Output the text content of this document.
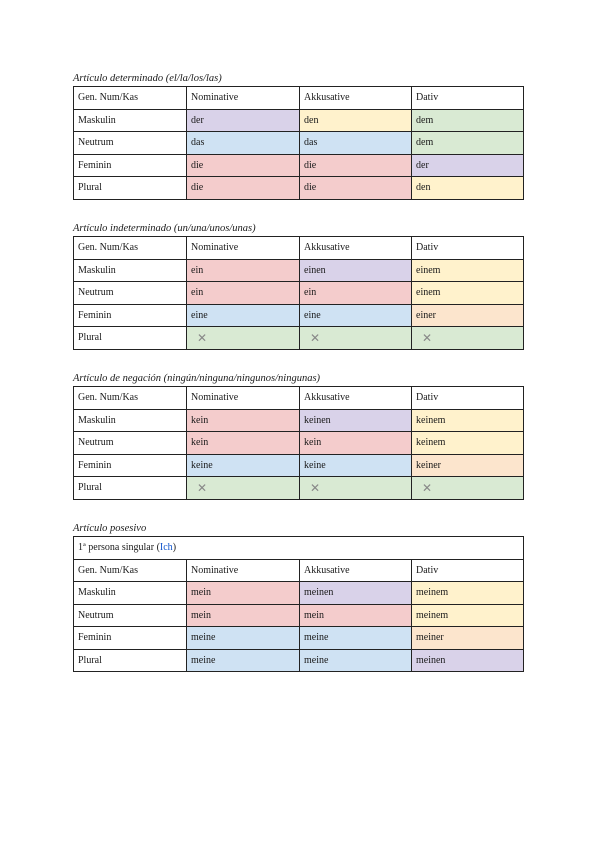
Artículo determinado (el/la/los/las)
Gen. Num/Kas	Nominative	Akkusative	Dativ
Maskulin	der	den	dem
Neutrum	das	das	dem
Feminin	die	die	der
Plural	die	die	den
Artículo indeterminado (un/una/unos/unas)
Gen. Num/Kas	Nominative	Akkusative	Dativ
Maskulin	ein	einen	einem
Neutrum	ein	ein	einem
Feminin	eine	eine	einer
Plural	✕	✕	✕
Artículo de negación (ningún/ninguna/ningunos/ningunas)
Gen. Num/Kas	Nominative	Akkusative	Dativ
Maskulin	kein	keinen	keinem
Neutrum	kein	kein	keinem
Feminin	keine	keine	keiner
Plural	✕	✕	✕
Artículo posesivo
1ª persona singular (Ich)			
Gen. Num/Kas	Nominative	Akkusative	Dativ
Maskulin	mein	meinen	meinem
Neutrum	mein	mein	meinem
Feminin	meine	meine	meiner
Plural	meine	meine	meinen
